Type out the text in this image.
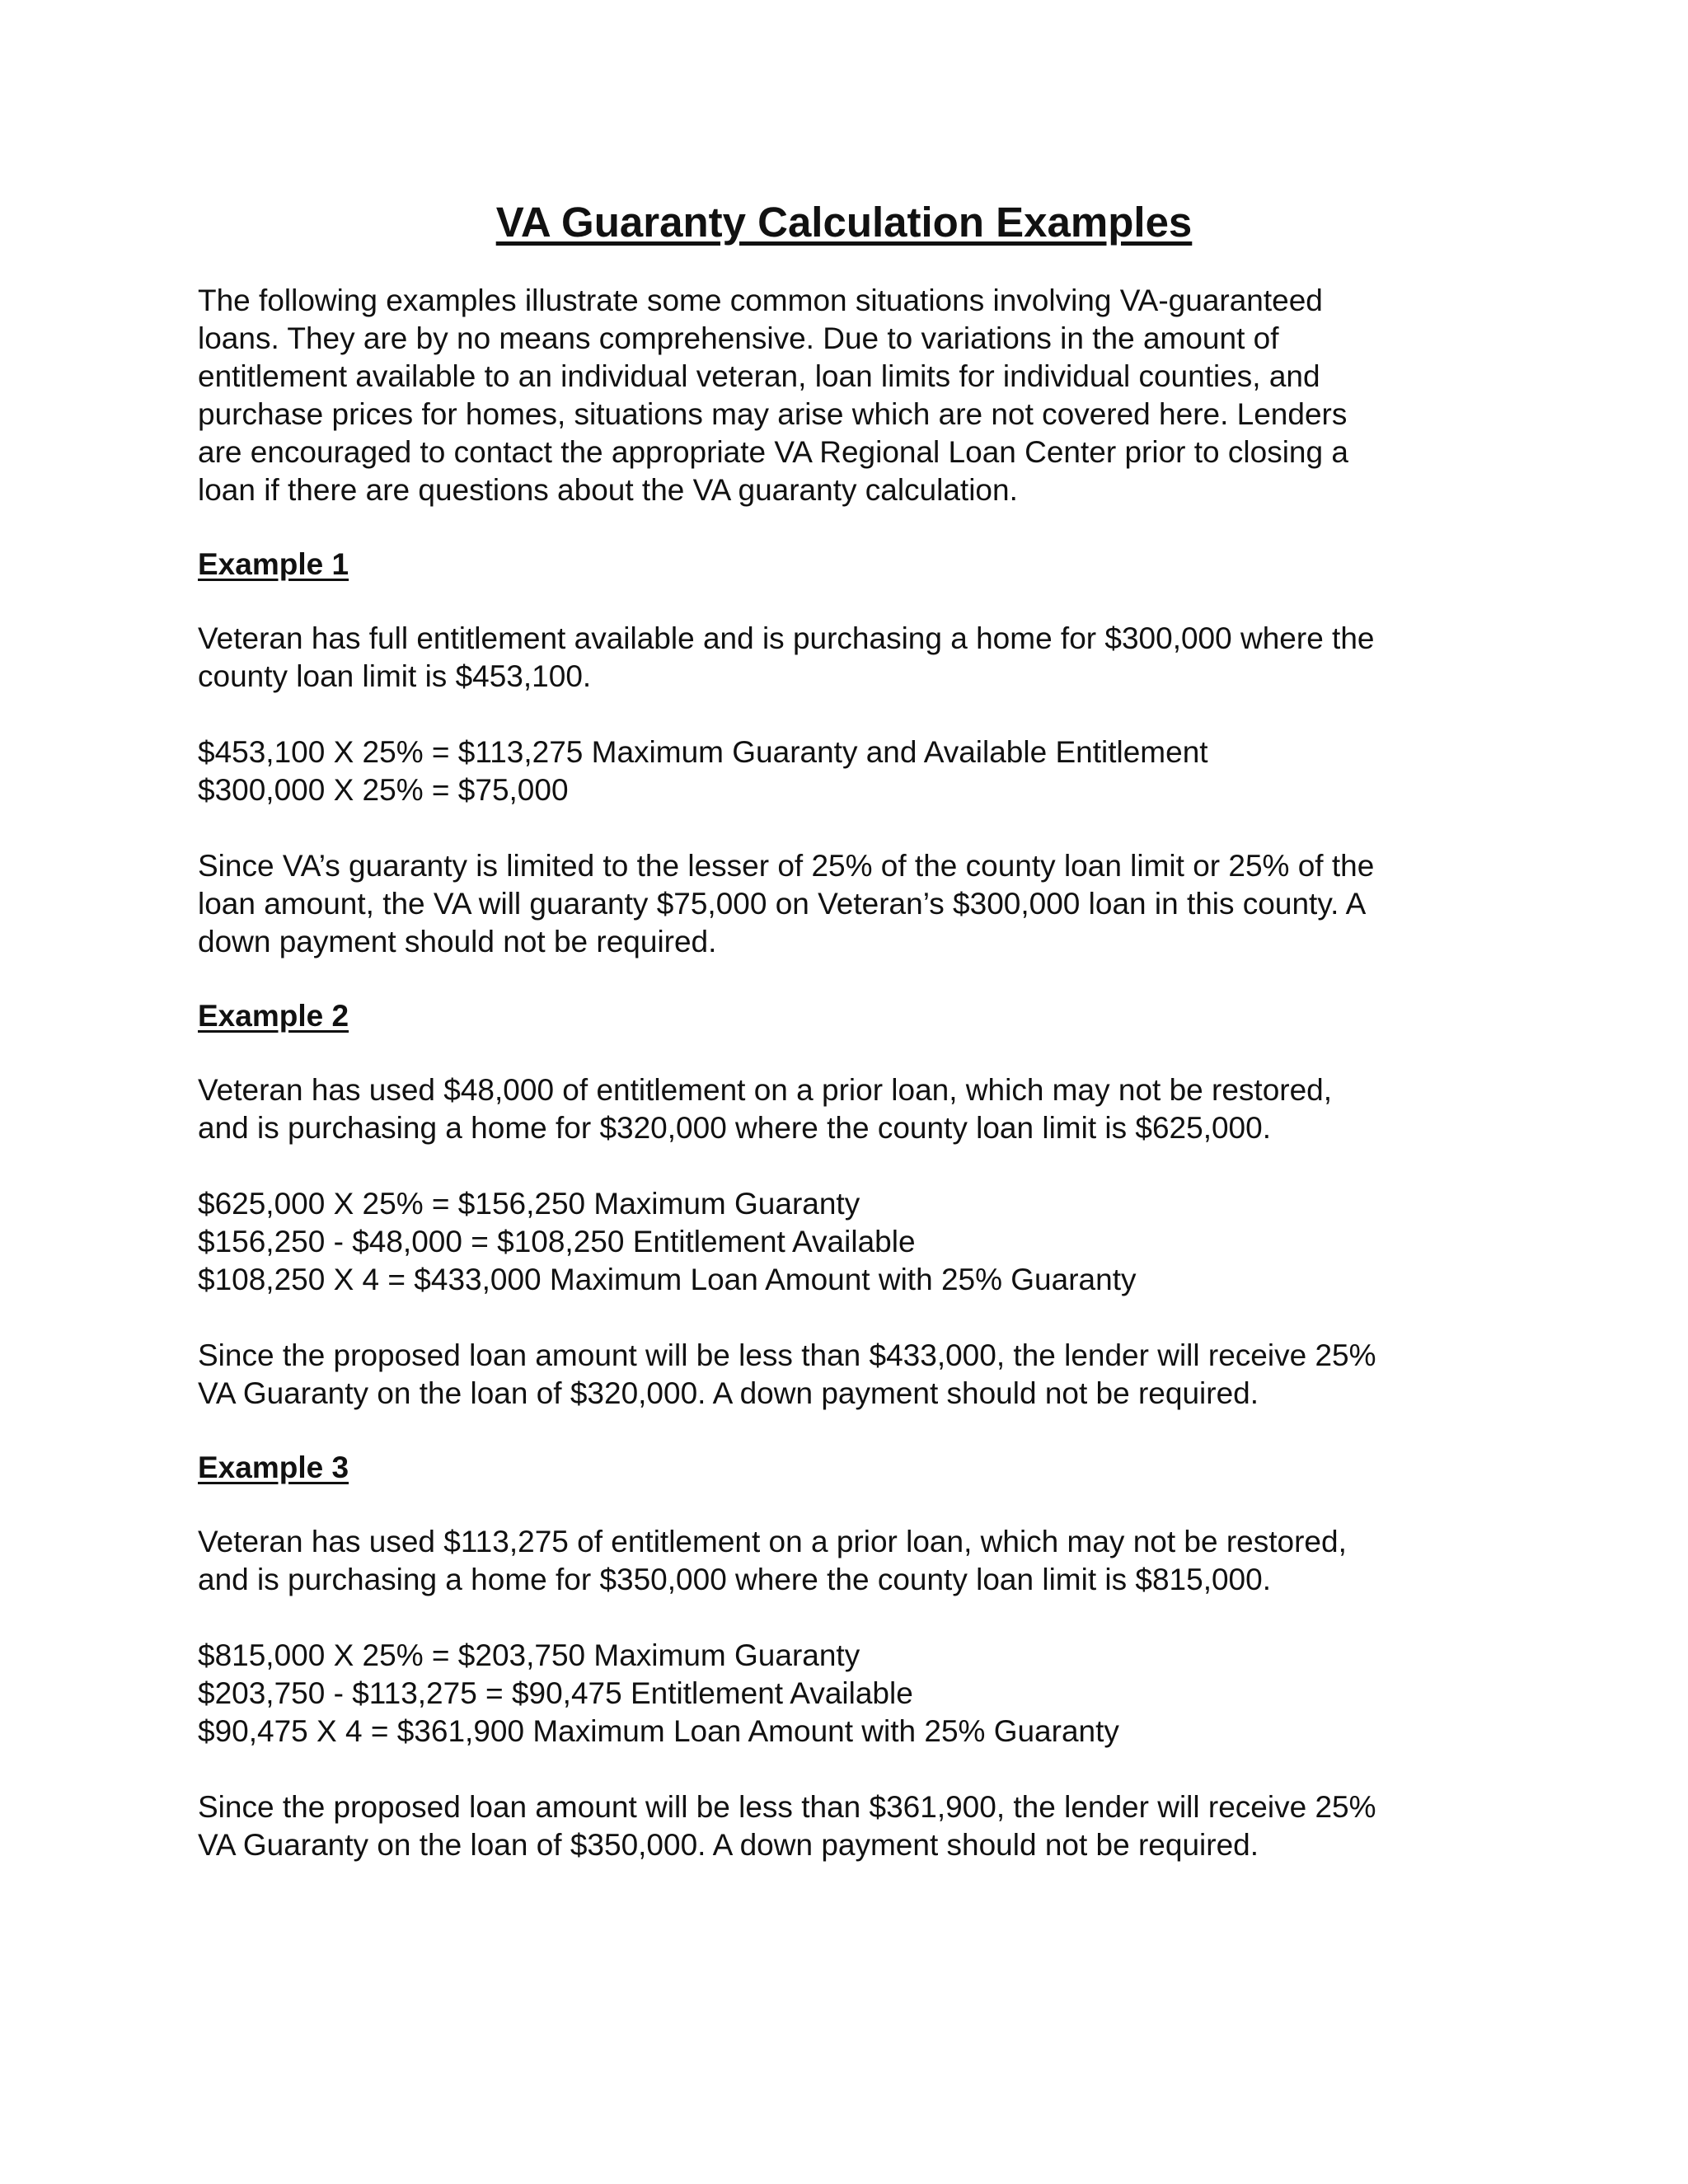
VA Guaranty Calculation Examples

The following examples illustrate some common situations involving VA-guaranteed
loans. They are by no means comprehensive. Due to variations in the amount of
entitlement available to an individual veteran, loan limits for individual counties, and
purchase prices for homes, situations may arise which are not covered here. Lenders
are encouraged to contact the appropriate VA Regional Loan Center prior to closing a
loan if there are questions about the VA guaranty calculation.

Example 1

Veteran has full entitlement available and is purchasing a home for $300,000 where the
county loan limit is $453,100.

$453,100 X 25% = $113,275 Maximum Guaranty and Available Entitlement
$300,000 X 25% = $75,000

Since VA’s guaranty is limited to the lesser of 25% of the county loan limit or 25% of the
loan amount, the VA will guaranty $75,000 on Veteran’s $300,000 loan in this county. A
down payment should not be required.

Example 2

Veteran has used $48,000 of entitlement on a prior loan, which may not be restored,
and is purchasing a home for $320,000 where the county loan limit is $625,000.

$625,000 X 25% = $156,250 Maximum Guaranty
$156,250 - $48,000 = $108,250 Entitlement Available
$108,250 X 4 = $433,000 Maximum Loan Amount with 25% Guaranty

Since the proposed loan amount will be less than $433,000, the lender will receive 25%
VA Guaranty on the loan of $320,000. A down payment should not be required.

Example 3

Veteran has used $113,275 of entitlement on a prior loan, which may not be restored,
and is purchasing a home for $350,000 where the county loan limit is $815,000.

$815,000 X 25% = $203,750 Maximum Guaranty
$203,750 - $113,275 = $90,475 Entitlement Available
$90,475 X 4 = $361,900 Maximum Loan Amount with 25% Guaranty

Since the proposed loan amount will be less than $361,900, the lender will receive 25%
VA Guaranty on the loan of $350,000. A down payment should not be required.
